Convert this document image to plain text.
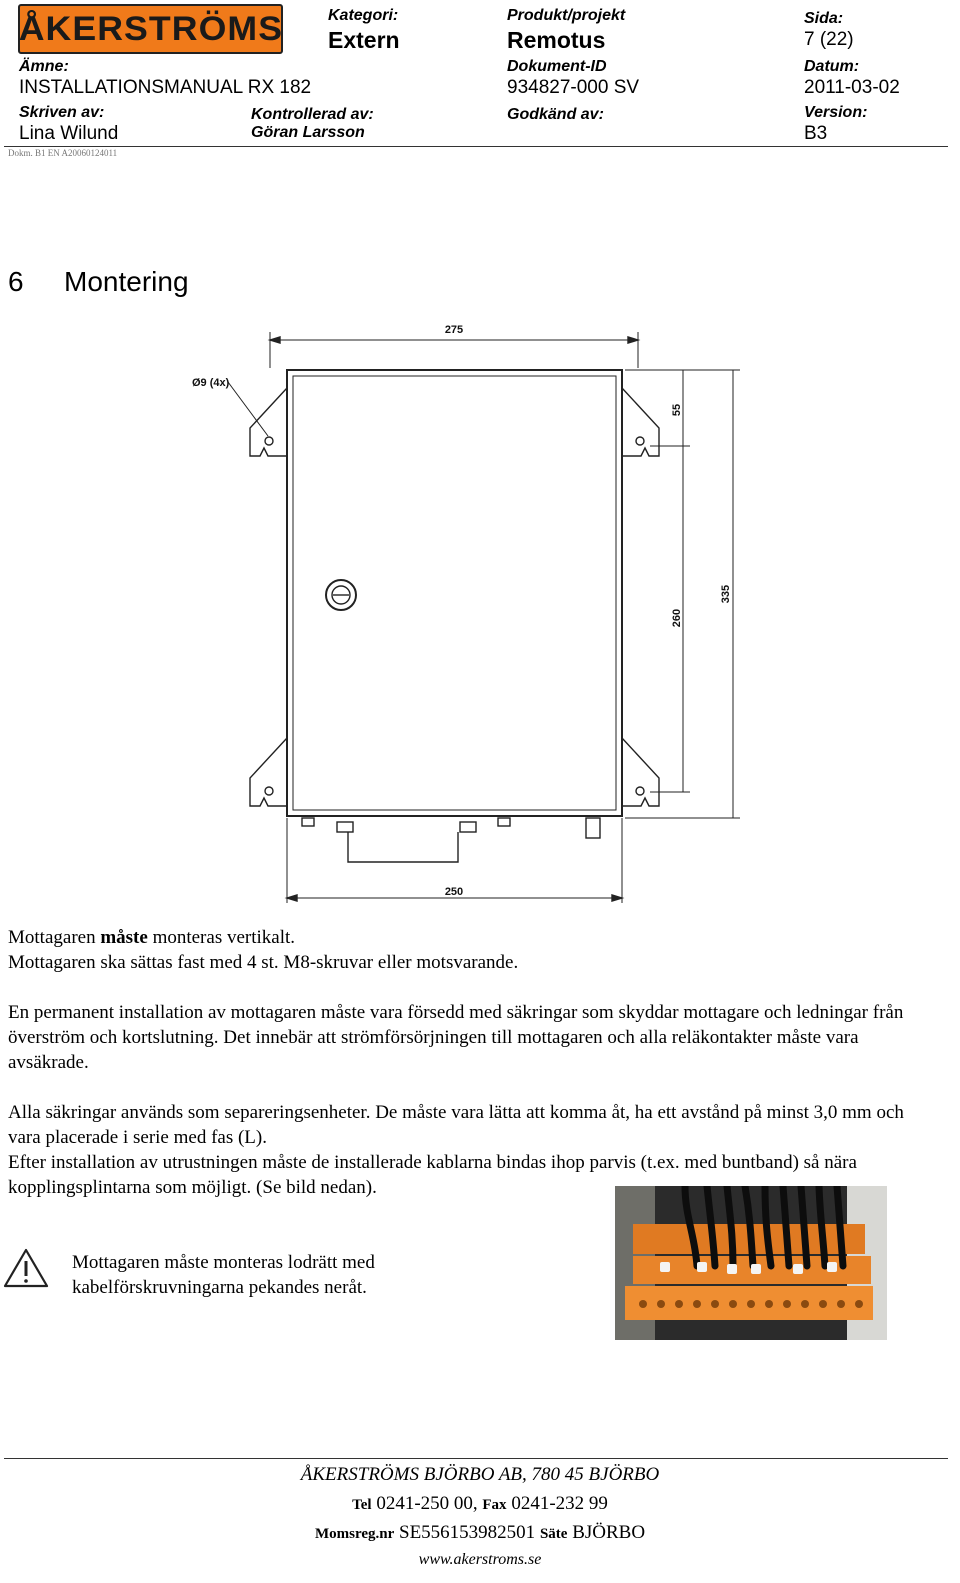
ÅKERSTRÖMS	Kategori:
Extern
Produkt/projekt
Remotus
Sida:
7 (22)
Ämne:
INSTALLATIONSMANUAL RX 182
Dokument-ID
934827-000 SV
Datum:
2011-03-02
Skriven av:
Lina Wilund
Kontrollerad av:
Göran Larsson
Godkänd av:	Version:
B3
Dokm. B1 EN A20060124011
6 Montering
275
250
Ø9 (4x)
55
260
335
Mottagaren måste monteras vertikalt.
Mottagaren ska sättas fast med 4 st. M8-skruvar eller motsvarande.
En permanent installation av mottagaren måste vara försedd med säkringar som skyddar mottagare och ledningar från överström och kortslutning. Det innebär att strömförsörjningen till mottagaren och alla reläkontakter måste vara avsäkrade.
Alla säkringar används som separeringsenheter. De måste vara lätta att komma åt, ha ett avstånd på minst 3,0 mm och vara placerade i serie med fas (L).
Efter installation av utrustningen måste de installerade kablarna bindas ihop parvis (t.ex. med buntband) så nära kopplingsplintarna som möjligt. (Se bild nedan).
Mottagaren måste monteras lodrätt med kabelförskruvningarna pekandes neråt.
ÅKERSTRÖMS BJÖRBO AB, 780 45 BJÖRBO
Tel 0241-250 00, Fax 0241-232 99
Momsreg.nr SE556153982501 Säte BJÖRBO
www.akerstroms.se
